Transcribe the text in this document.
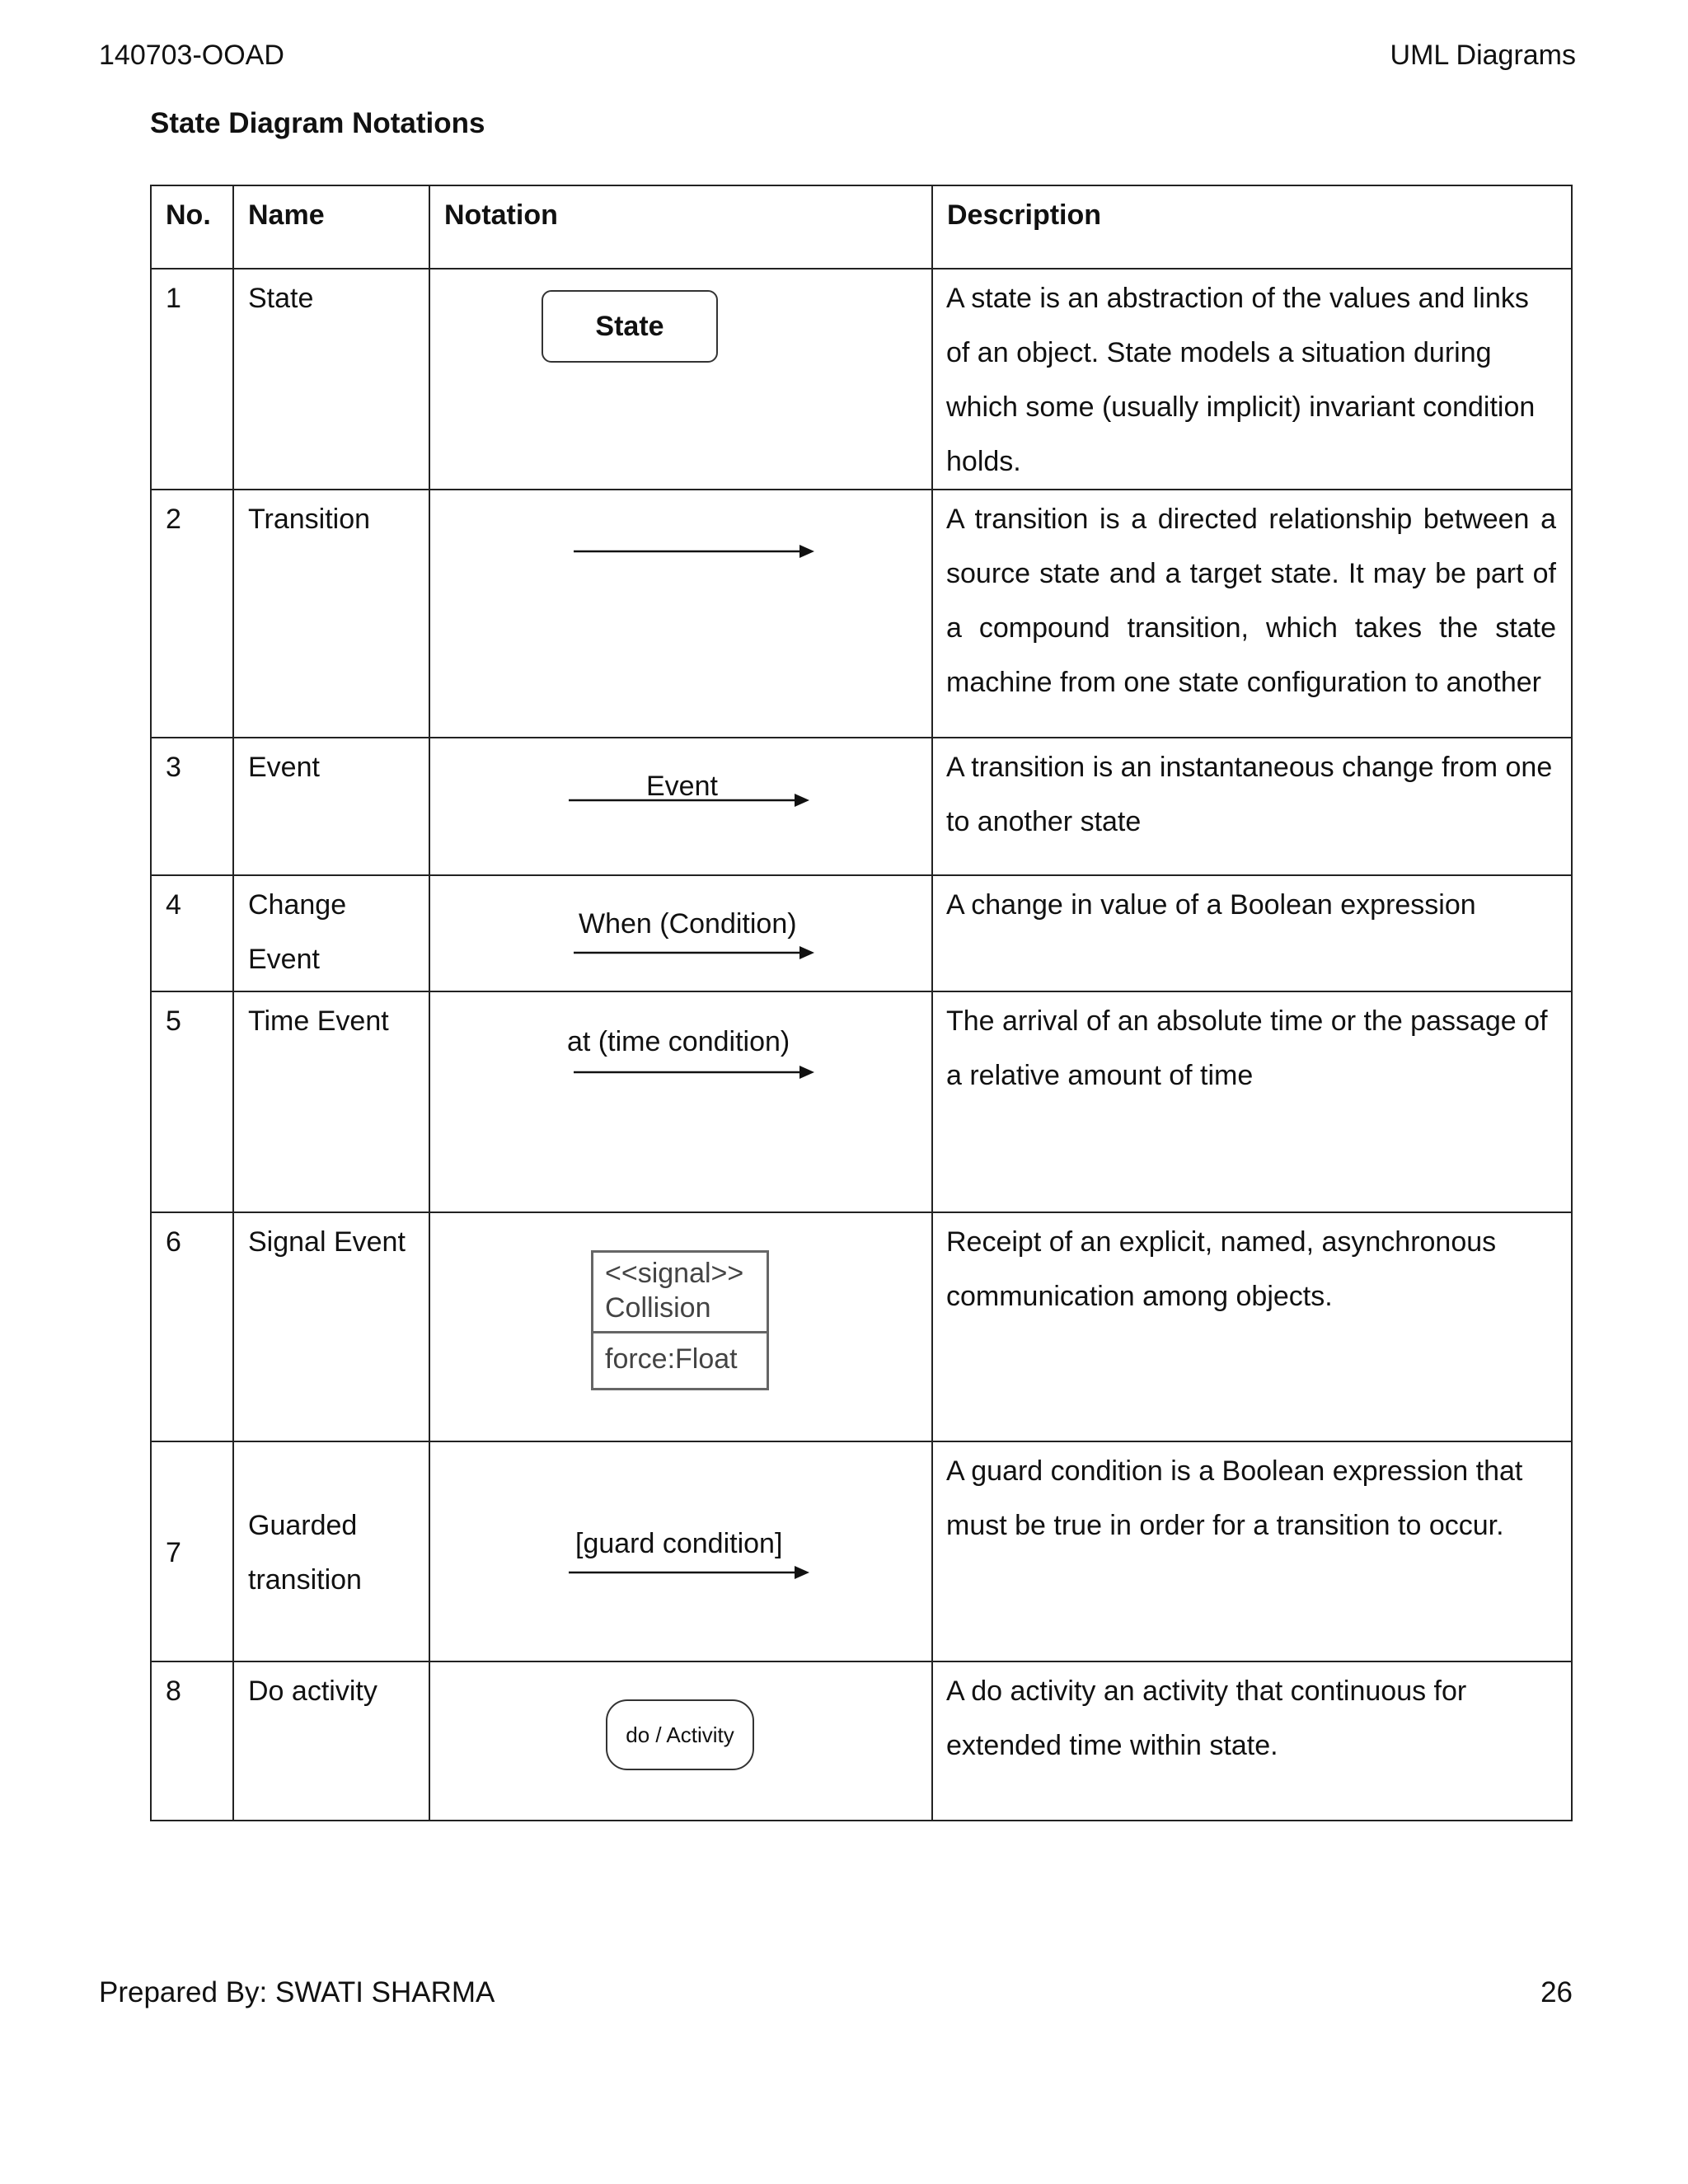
140703-OOAD	UML Diagrams
State Diagram Notations
No.	Name	Notation	Description

1	State	State	A state is an abstraction of the values and links of an object. State models a situation during which some (usually implicit) invariant condition holds.

2	Transition		A transition is a directed relationship between a source state and a target state. It may be part of a compound transition, which takes the state machine from one state configuration to another

3	Event	Event	A transition is an instantaneous change from one to another state

4	Change Event	When (Condition)	A change in value of a Boolean expression

5	Time Event	at (time condition)	The arrival of an absolute time or the passage of a relative amount of time

6	Signal Event	<<signal>>
Collision
force:Float	Receipt of an explicit, named, asynchronous communication among objects.

7	Guarded transition	[guard condition]	A guard condition is a Boolean expression that must be true in order for a transition to occur.

8	Do activity	do / Activity	A do activity an activity that continuous for extended time within state.
Prepared By: SWATI SHARMA	26
